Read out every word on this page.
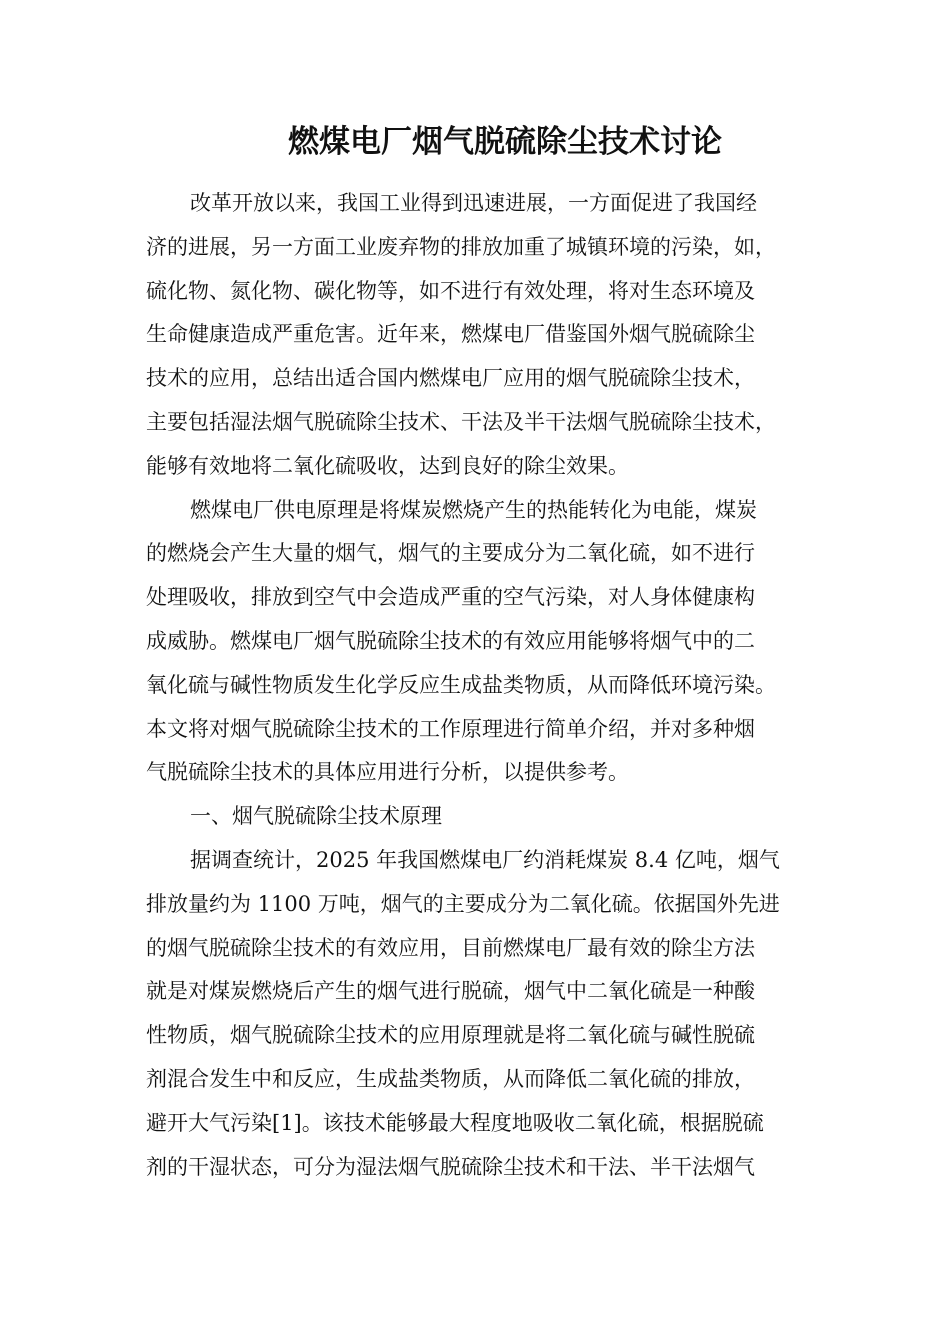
燃煤电厂烟气脱硫除尘技术讨论
改革开放以来，我国工业得到迅速进展，一方面促进了我国经
济的进展，另一方面工业废弃物的排放加重了城镇环境的污染，如，
硫化物、氮化物、碳化物等，如不进行有效处理，将对生态环境及
生命健康造成严重危害。近年来，燃煤电厂借鉴国外烟气脱硫除尘
技术的应用，总结出适合国内燃煤电厂应用的烟气脱硫除尘技术，
主要包括湿法烟气脱硫除尘技术、干法及半干法烟气脱硫除尘技术，
能够有效地将二氧化硫吸收，达到良好的除尘效果。
燃煤电厂供电原理是将煤炭燃烧产生的热能转化为电能，煤炭
的燃烧会产生大量的烟气，烟气的主要成分为二氧化硫，如不进行
处理吸收，排放到空气中会造成严重的空气污染，对人身体健康构
成威胁。燃煤电厂烟气脱硫除尘技术的有效应用能够将烟气中的二
氧化硫与碱性物质发生化学反应生成盐类物质，从而降低环境污染。
本文将对烟气脱硫除尘技术的工作原理进行简单介绍，并对多种烟
气脱硫除尘技术的具体应用进行分析，以提供参考。
一、烟气脱硫除尘技术原理
据调查统计，2025 年我国燃煤电厂约消耗煤炭 8.4 亿吨，烟气
排放量约为 1100 万吨，烟气的主要成分为二氧化硫。依据国外先进
的烟气脱硫除尘技术的有效应用，目前燃煤电厂最有效的除尘方法
就是对煤炭燃烧后产生的烟气进行脱硫，烟气中二氧化硫是一种酸
性物质，烟气脱硫除尘技术的应用原理就是将二氧化硫与碱性脱硫
剂混合发生中和反应，生成盐类物质，从而降低二氧化硫的排放，
避开大气污染[1]。该技术能够最大程度地吸收二氧化硫，根据脱硫
剂的干湿状态，可分为湿法烟气脱硫除尘技术和干法、半干法烟气
